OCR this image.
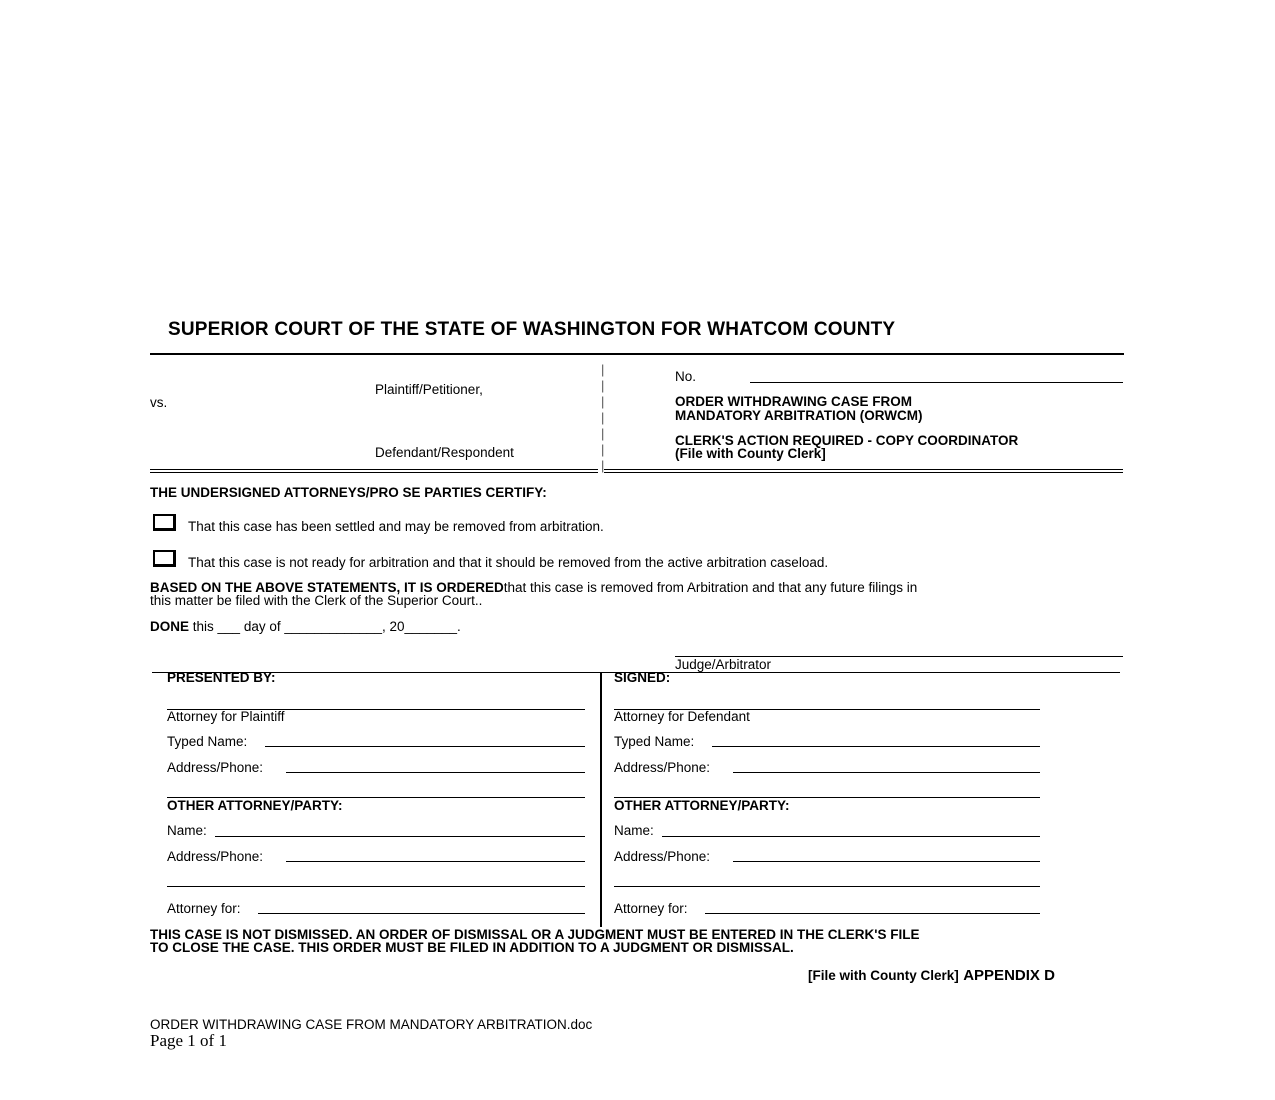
SUPERIOR COURT OF THE STATE OF WASHINGTON FOR WHATCOM COUNTY
Plaintiff/Petitioner,
vs.
Defendant/Respondent
|
|
|
|
|
|
|
No.
ORDER WITHDRAWING CASE FROM
MANDATORY ARBITRATION (ORWCM)
CLERK'S ACTION REQUIRED - COPY COORDINATOR
(File with County Clerk]
THE UNDERSIGNED ATTORNEYS/PRO SE PARTIES CERTIFY:
That this case has been settled and may be removed from arbitration.
That this case is not ready for arbitration and that it should be removed from the active arbitration caseload.
BASED ON THE ABOVE STATEMENTS, IT IS ORDEREDthat this case is removed from Arbitration and that any future filings in
this matter be filed with the Clerk of the Superior Court..
DONE this ___ day of _____________, 20_______.
Judge/Arbitrator
PRESENTED BY:
Attorney for Plaintiff
Typed Name:
Address/Phone:
OTHER ATTORNEY/PARTY:
Name:
Address/Phone:
Attorney for:
SIGNED:
Attorney for Defendant
Typed Name:
Address/Phone:
OTHER ATTORNEY/PARTY:
Name:
Address/Phone:
Attorney for:
THIS CASE IS NOT DISMISSED. AN ORDER OF DISMISSAL OR A JUDGMENT MUST BE ENTERED IN THE CLERK'S FILE
TO CLOSE THE CASE. THIS ORDER MUST BE FILED IN ADDITION TO A JUDGMENT OR DISMISSAL.
[File with County Clerk] APPENDIX D
ORDER WITHDRAWING CASE FROM MANDATORY ARBITRATION.doc
Page 1 of 1
